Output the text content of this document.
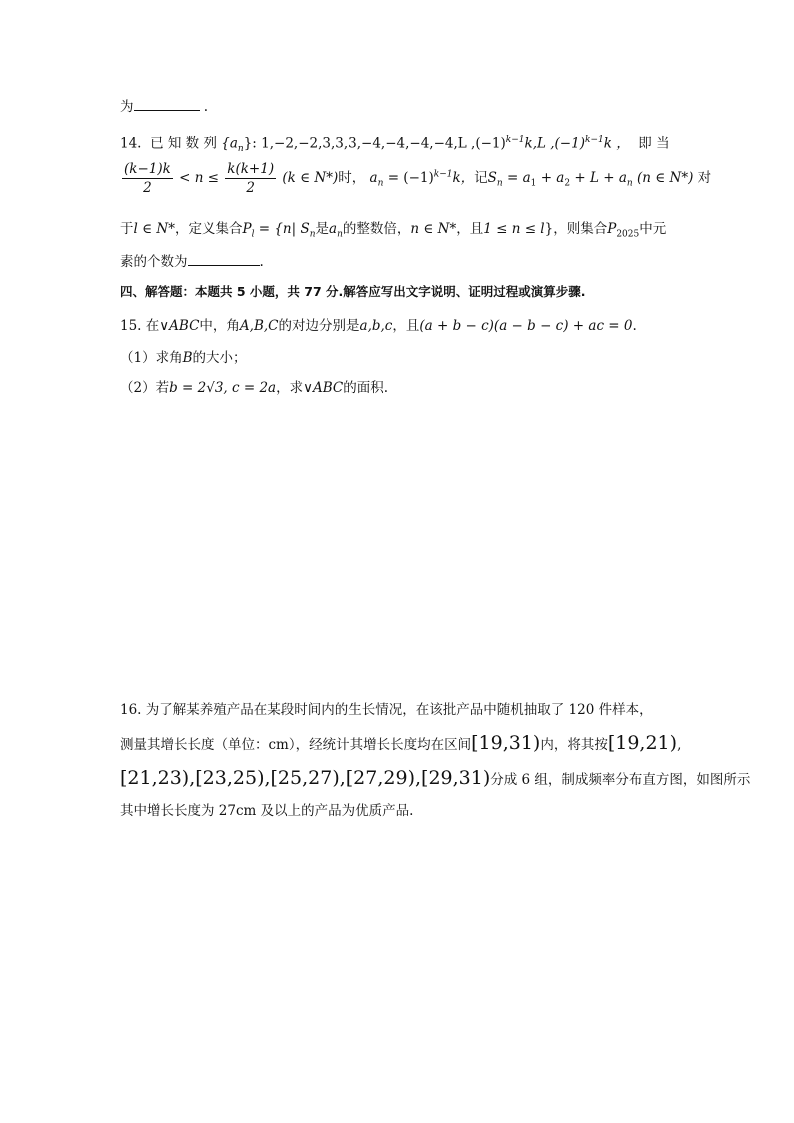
为	.
14. 已 知 数 列 $\{a_n\}$: 1,−2,−2,3,3,3,−4,−4,−4,−4,L $,(-1)^{k-1}k,L$ $,(-1)^{k-1}k$ ， 即 当
$\frac{(k-1)k}{2} < n \le \frac{k(k+1)}{2} (k$ ∈ N*)时， $a_n = (-1)^{k-1}k$，记$S_n = a_1 + a_2 + L + a_n$ (n ∈ N*) 对
于l ∈ N*，定义集合$P_l = \{n|$ $S_n$是$a_n$的整数倍，n ∈ N*，且1 ≤ n ≤ l}，则集合$P_{2025}$中元
素的个数为	.
四、解答题：本题共 5 小题，共 77 分.解答应写出文字说明、证明过程或演算步骤.
15. 在∨ABC中，角A,B,C的对边分别是a,b,c，且(a + b − c)(a − b − c) + ac = 0.
（1）求角B的大小；
（2）若b = 2√3, c = 2a，求∨ABC的面积.
16. 为了解某养殖产品在某段时间内的生长情况，在该批产品中随机抽取了 120 件样本，
测量其增长长度（单位：cm），经统计其增长长度均在区间[19,31)内，将其按[19,21),
[21,23),[23,25),[25,27),[27,29),[29,31)分成 6 组，制成频率分布直方图，如图所示
其中增长长度为 27cm 及以上的产品为优质产品.
